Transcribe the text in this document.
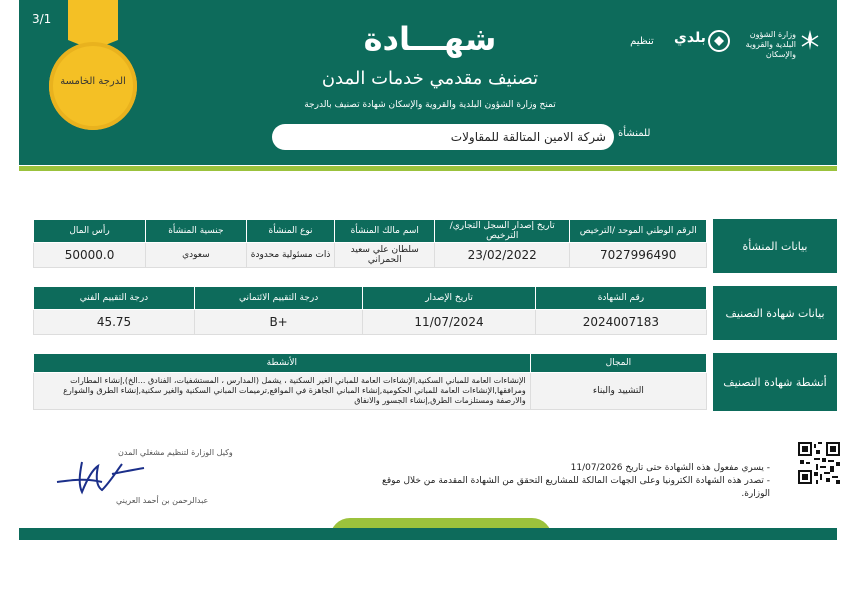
3/1
الدرجة الخامسة
شهـــادة
تصنيف مقدمي خدمات المدن
تمنح وزارة الشؤون البلدية والقروية والإسكان شهادة تصنيف بالدرجة
للمنشأة
شركة الامين المتالقة للمقاولات
وزارة الشؤون البلدية والقروية والإسكان
بلدي
تنظيم
بيانات المنشأة
رأس المال	جنسية المنشأة	نوع المنشأة	اسم مالك المنشأة	تاريخ إصدار السجل التجاري/ الترخيص	الرقم الوطني الموحد /الترخيص
50000.0	سعودي	ذات مسئولية محدودة	سلطان علي سعيد الحمراني	23/02/2022	7027996490
بيانات شهادة التصنيف
درجة التقييم الفني	درجة التقييم الائتماني	تاريخ الإصدار	رقم الشهادة
45.75	B+	11/07/2024	2024007183
أنشطة شهادة التصنيف
الأنشطة	المجال
الإنشاءات العامة للمباني السكنية,الإنشاءات العامة للمباني الغير السكنية ، يشمل (المدارس ، المستشفيات، الفنادق ...الخ),إنشاء المطارات ومرافقها,الإنشاءات العامة للمباني الحكومية,إنشاء المباني الجاهزة في المواقع,ترميمات المباني السكنية والغير سكنية,إنشاء الطرق والشوارع والارصفة ومستلزمات الطرق,إنشاء الجسور والانفاق	التشييد والبناء
- يسري مفعول هذه الشهادة حتى تاريخ 11/07/2026
- تصدر هذه الشهادة الكترونيا وعلى الجهات المالكة للمشاريع التحقق من الشهادة المقدمة من خلال موقع الوزارة.
وكيل الوزارة لتنظيم مشغلي المدن
عبدالرحمن بن أحمد العريني
